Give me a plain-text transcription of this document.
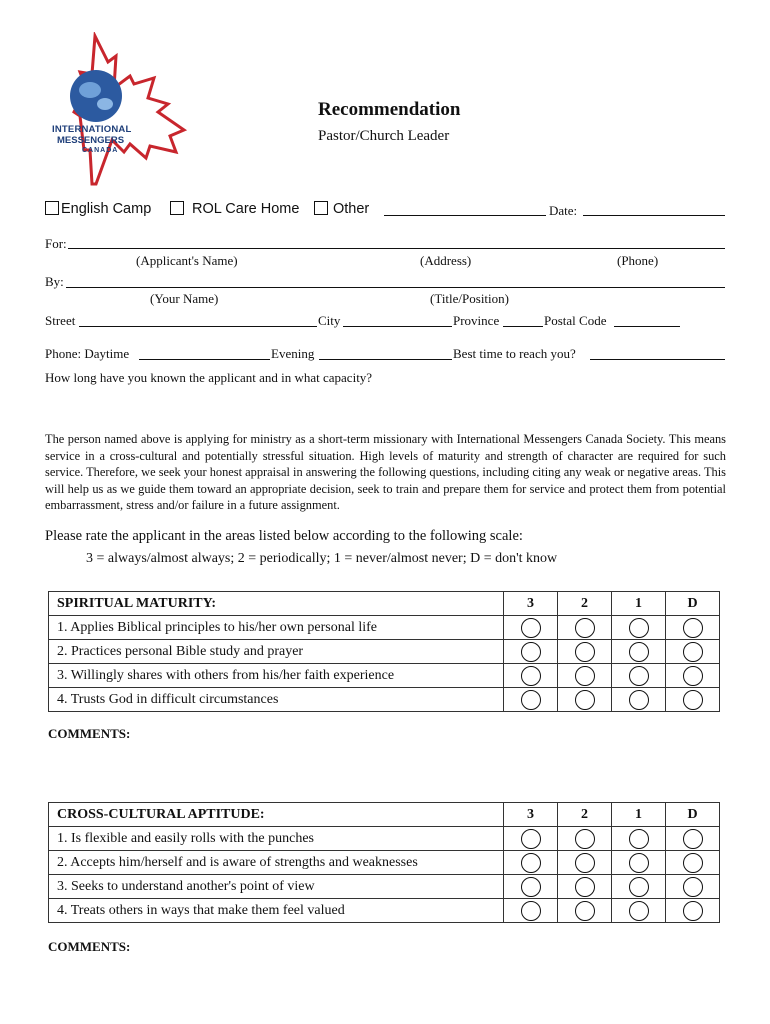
INTERNATIONAL
MESSENGERS
CANADA
Recommendation
Pastor/Church Leader
English Camp	ROL Care Home Other	Date:
For:
(Applicant's Name)	(Address)	(Phone)
By:
(Your Name)	(Title/Position)
Street	City	Province	Postal Code
Phone: Daytime	Evening	Best time to reach you?
How long have you known the applicant and in what capacity?
The person named above is applying for ministry as a short-term missionary with International Messengers Canada Society. This means service in a cross-cultural and potentially stressful situation. High levels of maturity and strength of character are required for such service. Therefore, we seek your honest appraisal in answering the following questions, including citing any weak or negative areas. This will help us as we guide them toward an appropriate decision, seek to train and prepare them for service and protect them from potential embarrassment, stress and/or failure in a future assignment.
Please rate the applicant in the areas listed below according to the following scale:
3 = always/almost always; 2 = periodically; 1 = never/almost never; D = don't know
SPIRITUAL MATURITY:	3	2	1	D
1. Applies Biblical principles to his/her own personal life				
2. Practices personal Bible study and prayer				
3. Willingly shares with others from his/her faith experience				
4. Trusts God in difficult circumstances				
COMMENTS:
CROSS-CULTURAL APTITUDE:	3	2	1	D
1. Is flexible and easily rolls with the punches				
2. Accepts him/herself and is aware of strengths and weaknesses				
3. Seeks to understand another's point of view				
4. Treats others in ways that make them feel valued				
COMMENTS:
